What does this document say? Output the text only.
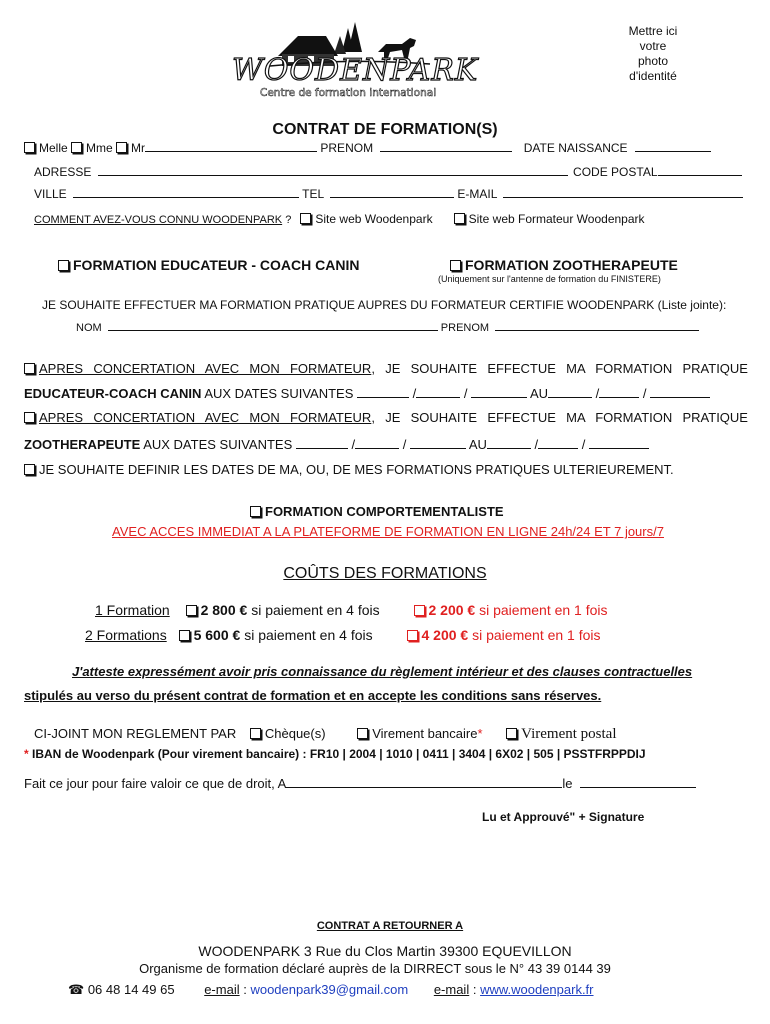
WOODENPARK
Centre de formation international
Mettre ici
votre
photo
d'identité
CONTRAT DE FORMATION(S)
Melle Mme Mr	PRENOM	DATE NAISSANCE
ADRESSE	CODE POSTAL
VILLE	TEL	E-MAIL
COMMENT AVEZ-VOUS CONNU WOODENPARK ? Site web Woodenpark	Site web Formateur Woodenpark
FORMATION EDUCATEUR - COACH CANIN	FORMATION ZOOTHERAPEUTE
(Uniquement sur l'antenne de formation du FINISTERE)
JE SOUHAITE EFFECTUER MA FORMATION PRATIQUE AUPRES DU FORMATEUR CERTIFIE WOODENPARK (Liste jointe):
NOM	PRENOM
APRES CONCERTATION AVEC MON FORMATEUR, JE SOUHAITE EFFECTUE MA FORMATION PRATIQUE
EDUCATEUR-COACH CANIN AUX DATES SUIVANTES	/	/	AU	/	/
APRES CONCERTATION AVEC MON FORMATEUR, JE SOUHAITE EFFECTUE MA FORMATION PRATIQUE
ZOOTHERAPEUTE AUX DATES SUIVANTES	/	/	AU	/	/
JE SOUHAITE DEFINIR LES DATES DE MA, OU, DE MES FORMATIONS PRATIQUES ULTERIEUREMENT.
FORMATION COMPORTEMENTALISTE
AVEC ACCES IMMEDIAT A LA PLATEFORME DE FORMATION EN LIGNE 24h/24 ET 7 jours/7
COÛTS DES FORMATIONS
1 Formation 2 800 € si paiement en 4 fois	2 200 € si paiement en 1 fois
2 Formations 5 600 € si paiement en 4 fois	4 200 € si paiement en 1 fois
J'atteste expressément avoir pris connaissance du règlement intérieur et des clauses contractuelles
stipulés au verso du présent contrat de formation et en accepte les conditions sans réserves.
CI-JOINT MON REGLEMENT PAR Chèque(s)	Virement bancaire*	Virement postal
* IBAN de Woodenpark (Pour virement bancaire) : FR10 | 2004 | 1010 | 0411 | 3404 | 6X02 | 505 | PSSTFRPPDIJ
Fait ce jour pour faire valoir ce que de droit, A	le
Lu et Approuvé" + Signature
CONTRAT A RETOURNER A
WOODENPARK 3 Rue du Clos Martin 39300 EQUEVILLON
Organisme de formation déclaré auprès de la DIRRECT sous le N° 43 39 0144 39
☎ 06 48 14 49 65 e-mail : woodenpark39@gmail.com e-mail : www.woodenpark.fr
